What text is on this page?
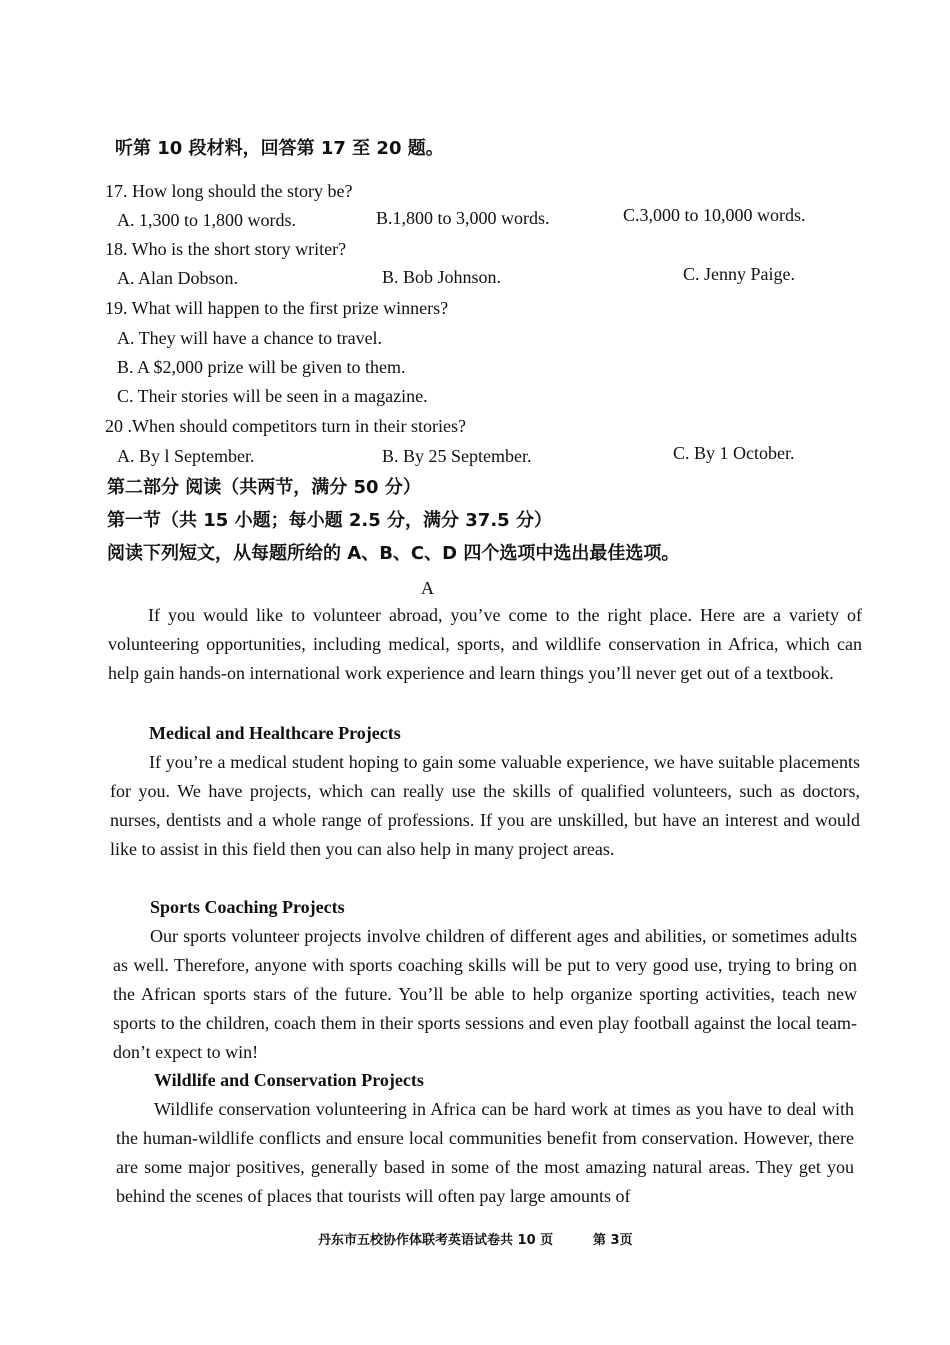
听第 10 段材料，回答第 17 至 20 题。
17. How long should the story be?
A. 1,300 to 1,800 words.	B.1,800 to 3,000 words.	C.3,000 to 10,000 words.
18. Who is the short story writer?
A. Alan Dobson.	B. Bob Johnson.	C. Jenny Paige.
19. What will happen to the first prize winners?
A. They will have a chance to travel.
B. A $2,000 prize will be given to them.
C. Their stories will be seen in a magazine.
20 .When should competitors turn in their stories?
A. By l September.	B. By 25 September.	C. By 1 October.
第二部分 阅读（共两节，满分 50 分）
第一节（共 15 小题；每小题 2.5 分，满分 37.5 分）
阅读下列短文，从每题所给的 A、B、C、D 四个选项中选出最佳选项。
A

If you would like to volunteer abroad, you’ve come to the right place. Here are a variety of volunteering opportunities, including medical, sports, and wildlife conservation in Africa, which can help gain hands-on international work experience and learn things you’ll never get out of a textbook.

Medical and Healthcare Projects

If you’re a medical student hoping to gain some valuable experience, we have suitable placements for you. We have projects, which can really use the skills of qualified volunteers, such as doctors, nurses, dentists and a whole range of professions. If you are unskilled, but have an interest and would like to assist in this field then you can also help in many project areas.

Sports Coaching Projects

Our sports volunteer projects involve children of different ages and abilities, or sometimes adults as well. Therefore, anyone with sports coaching skills will be put to very good use, trying to bring on the African sports stars of the future. You’ll be able to help organize sporting activities, teach new sports to the children, coach them in their sports sessions and even play football against the local team-don’t expect to win!

Wildlife and Conservation Projects

Wildlife conservation volunteering in Africa can be hard work at times as you have to deal with the human-wildlife conflicts and ensure local communities benefit from conservation. However, there are some major positives, generally based in some of the most amazing natural areas. They get you behind the scenes of places that tourists will often pay large amounts of

丹东市五校协作体联考英语试卷共 10 页	第 3页
